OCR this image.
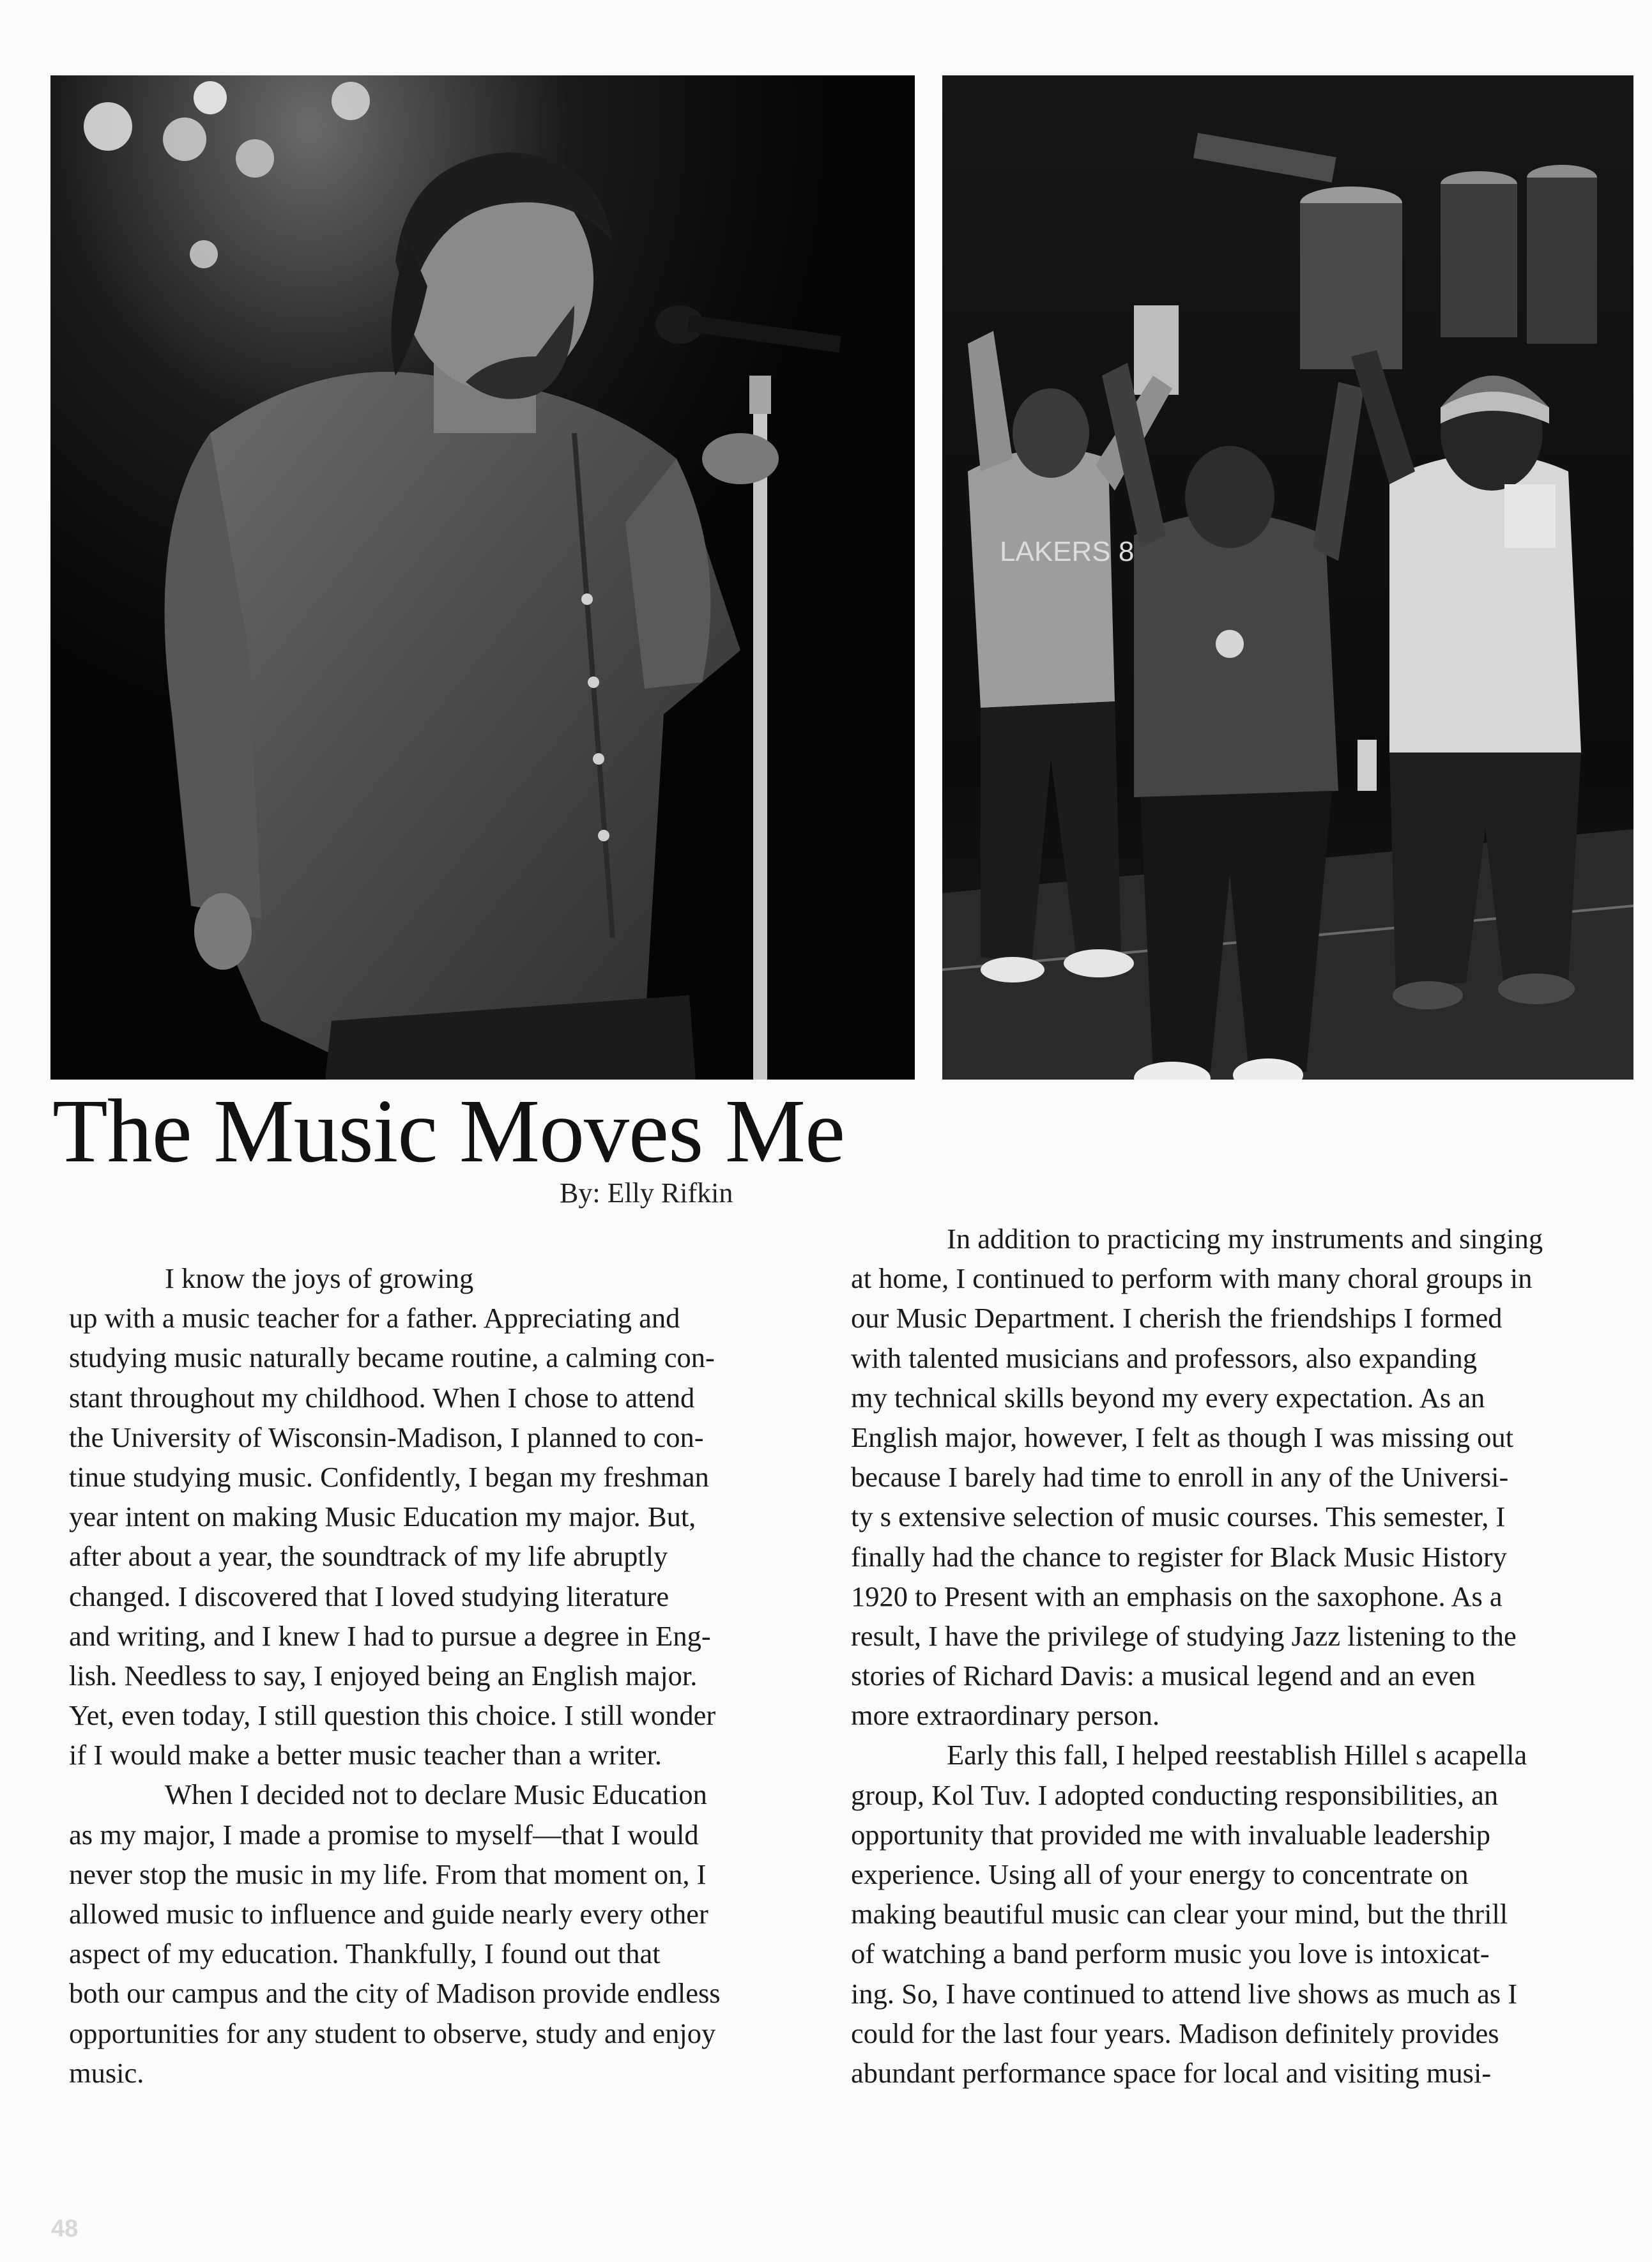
LAKERS 8
The Music Moves Me
By: Elly Rifkin
I know the joys of growing
up with a music teacher for a father. Appreciating and
studying music naturally became routine, a calming con-
stant throughout my childhood. When I chose to attend
the University of Wisconsin-Madison, I planned to con-
tinue studying music. Confidently, I began my freshman
year intent on making Music Education my major. But,
after about a year, the soundtrack of my life abruptly
changed. I discovered that I loved studying literature
and writing, and I knew I had to pursue a degree in Eng-
lish. Needless to say, I enjoyed being an English major.
Yet, even today, I still question this choice. I still wonder
if I would make a better music teacher than a writer.
When I decided not to declare Music Education
as my major, I made a promise to myself—that I would
never stop the music in my life. From that moment on, I
allowed music to influence and guide nearly every other
aspect of my education. Thankfully, I found out that
both our campus and the city of Madison provide endless
opportunities for any student to observe, study and enjoy
music.
In addition to practicing my instruments and singing
at home, I continued to perform with many choral groups in
our Music Department. I cherish the friendships I formed
with talented musicians and professors, also expanding
my technical skills beyond my every expectation. As an
English major, however, I felt as though I was missing out
because I barely had time to enroll in any of the Universi-
ty s extensive selection of music courses. This semester, I
finally had the chance to register for Black Music History
1920 to Present with an emphasis on the saxophone. As a
result, I have the privilege of studying Jazz listening to the
stories of Richard Davis: a musical legend and an even
more extraordinary person.
Early this fall, I helped reestablish Hillel s acapella
group, Kol Tuv. I adopted conducting responsibilities, an
opportunity that provided me with invaluable leadership
experience. Using all of your energy to concentrate on
making beautiful music can clear your mind, but the thrill
of watching a band perform music you love is intoxicat-
ing. So, I have continued to attend live shows as much as I
could for the last four years. Madison definitely provides
abundant performance space for local and visiting musi-
48
